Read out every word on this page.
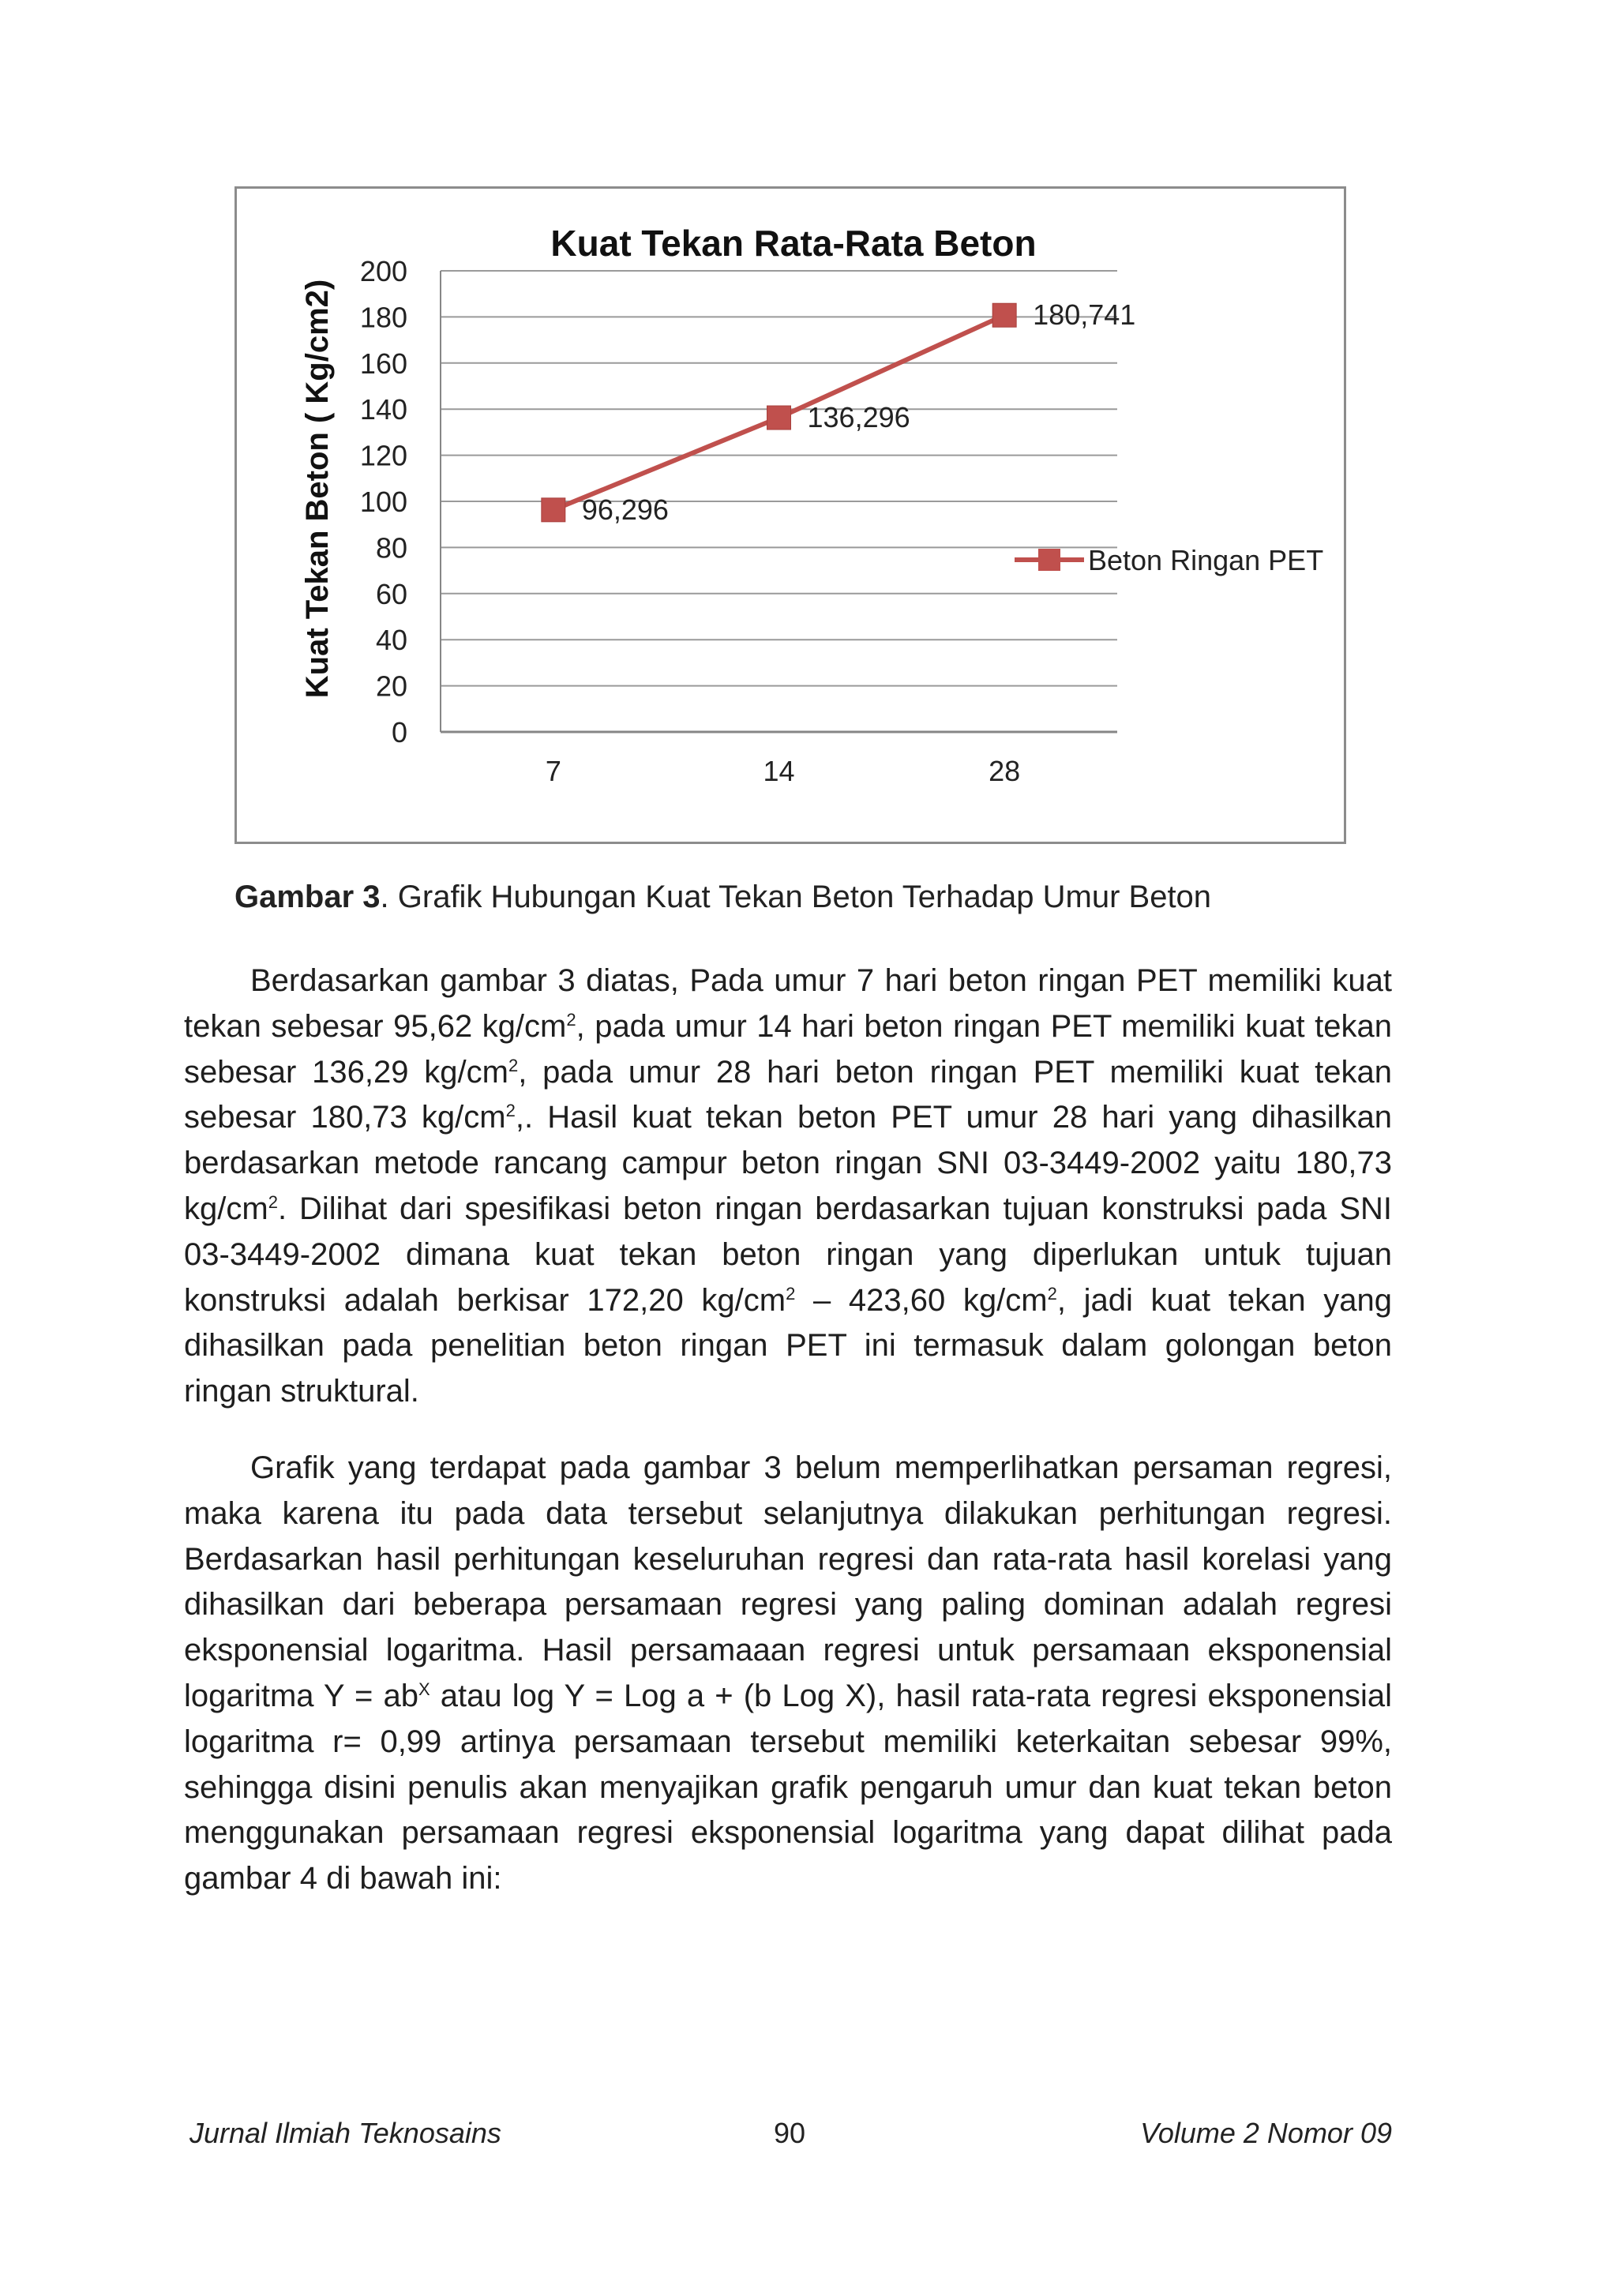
Kuat Tekan Rata-Rata Beton
Kuat Tekan Beton ( Kg/cm2)
0
20
40
60
80
100
120
140
160
180
200
7	14	28
96,296
136,296
180,741
Beton Ringan PET
Gambar 3. Grafik Hubungan Kuat Tekan Beton Terhadap Umur Beton

Berdasarkan gambar 3 diatas, Pada umur 7 hari beton ringan PET memiliki kuat tekan sebesar 95,62 $kg/cm^2$, pada umur 14 hari beton ringan PET memiliki kuat tekan sebesar 136,29 $kg/cm^2$, pada umur 28 hari beton ringan PET memiliki kuat tekan sebesar 180,73 $kg/cm^2$,. Hasil kuat tekan beton PET umur 28 hari yang dihasilkan berdasarkan metode rancang campur beton ringan SNI 03-3449-2002 yaitu 180,73 $kg/cm^2$. Dilihat dari spesifikasi beton ringan berdasarkan tujuan konstruksi pada SNI 03-3449-2002 dimana kuat tekan beton ringan yang diperlukan untuk tujuan konstruksi adalah berkisar 172,20 $kg/cm^2 - 423,60$ $kg/cm^2$, jadi kuat tekan yang dihasilkan pada penelitian beton ringan PET ini termasuk dalam golongan beton ringan struktural.

Grafik yang terdapat pada gambar 3 belum memperlihatkan persaman regresi, maka karena itu pada data tersebut selanjutnya dilakukan perhitungan regresi. Berdasarkan hasil perhitungan keseluruhan regresi dan rata-rata hasil korelasi yang dihasilkan dari beberapa persamaan regresi yang paling dominan adalah regresi eksponensial logaritma. Hasil persamaaan regresi untuk persamaan eksponensial logaritma $Y = ab^X$ atau log Y = Log a + (b Log X), hasil rata-rata regresi eksponensial logaritma r= 0,99 artinya persamaan tersebut memiliki keterkaitan sebesar 99%, sehingga disini penulis akan menyajikan grafik pengaruh umur dan kuat tekan beton menggunakan persamaan regresi eksponensial logaritma yang dapat dilihat pada gambar 4 di bawah ini:

Jurnal Ilmiah Teknosains	90	Volume 2 Nomor 09
